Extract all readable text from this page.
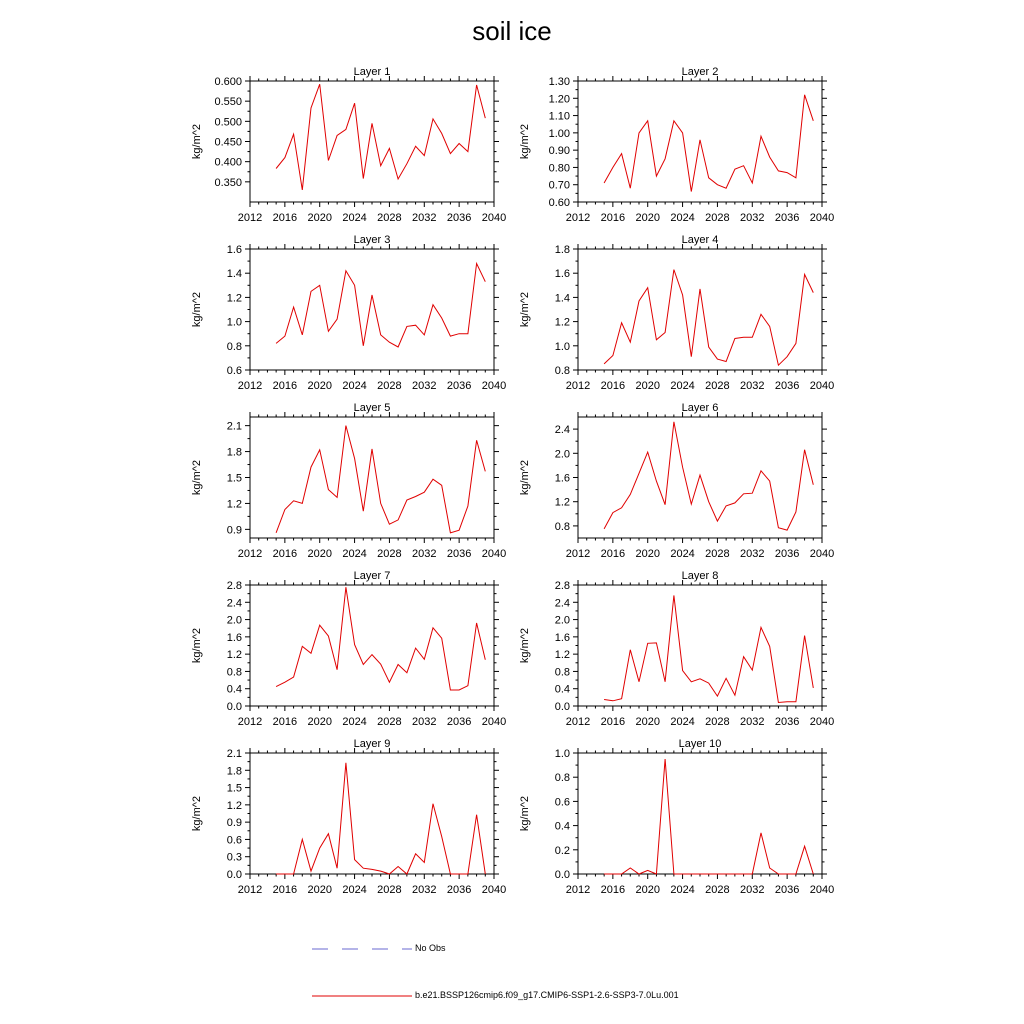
soil ice
Layer 1
kg/m^2
2012 2016 2020 2024 2028 2032 2036 2040
0.350
0.400
0.450
0.500
0.550
0.600
Layer 2
kg/m^2
2012 2016 2020 2024 2028 2032 2036 2040
0.60
0.70
0.80
0.90
1.00
1.10
1.20
1.30
Layer 3
kg/m^2
2012 2016 2020 2024 2028 2032 2036 2040
0.6
0.8
1.0
1.2
1.4
1.6
Layer 4
kg/m^2
2012 2016 2020 2024 2028 2032 2036 2040
0.8
1.0
1.2
1.4
1.6
1.8
Layer 5
kg/m^2
2012 2016 2020 2024 2028 2032 2036 2040
0.9
1.2
1.5
1.8
2.1
Layer 6
kg/m^2
2012 2016 2020 2024 2028 2032 2036 2040
0.8
1.2
1.6
2.0
2.4
Layer 7
kg/m^2
2012 2016 2020 2024 2028 2032 2036 2040
0.0
0.4
0.8
1.2
1.6
2.0
2.4
2.8
Layer 8
kg/m^2
2012 2016 2020 2024 2028 2032 2036 2040
0.0
0.4
0.8
1.2
1.6
2.0
2.4
2.8
Layer 9
kg/m^2
2012 2016 2020 2024 2028 2032 2036 2040
0.0
0.3
0.6
0.9
1.2
1.5
1.8
2.1
Layer 10
kg/m^2
2012 2016 2020 2024 2028 2032 2036 2040
0.0
0.2
0.4
0.6
0.8
1.0
No Obs
b.e21.BSSP126cmip6.f09_g17.CMIP6-SSP1-2.6-SSP3-7.0Lu.001
